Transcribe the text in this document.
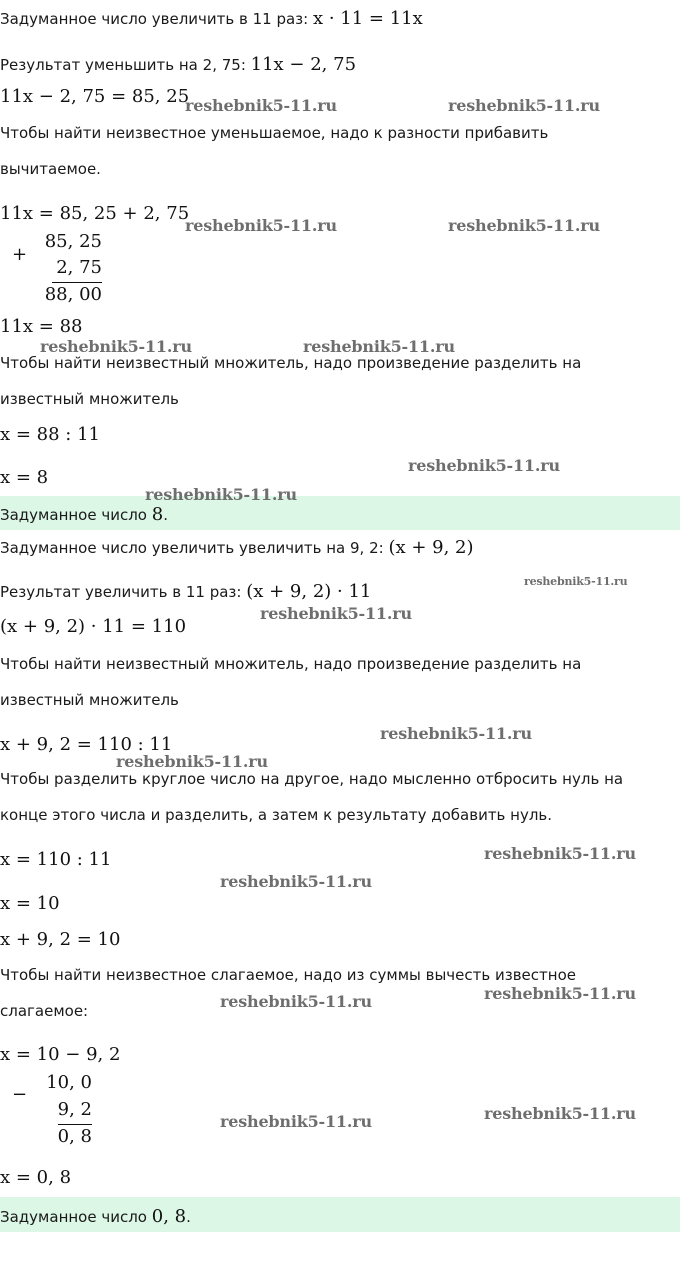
Задуманное число увеличить в 11 раз: x · 11 = 11x
Результат уменьшить на 2, 75: 11x − 2, 75
11x − 2, 75 = 85, 25
Чтобы найти неизвестное уменьшаемое, надо к разности прибавить
вычитаемое.
11x = 85, 25 + 2, 75
+
85, 25
2, 75
88, 00
11x = 88
Чтобы найти неизвестный множитель, надо произведение разделить на
известный множитель
x = 88 : 11
x = 8
Задуманное число 8.
Задуманное число увеличить увеличить на 9, 2: (x + 9, 2)
Результат увеличить в 11 раз: (x + 9, 2) · 11
(x + 9, 2) · 11 = 110
Чтобы найти неизвестный множитель, надо произведение разделить на
известный множитель
x + 9, 2 = 110 : 11
Чтобы разделить круглое число на другое, надо мысленно отбросить нуль на
конце этого числа и разделить, а затем к результату добавить нуль.
x = 110 : 11
x = 10
x + 9, 2 = 10
Чтобы найти неизвестное слагаемое, надо из суммы вычесть известное
слагаемое:
x = 10 − 9, 2
−
10, 0
9, 2
0, 8
x = 0, 8
Задуманное число 0, 8.
reshebnik5-11.ru	reshebnik5-11.ru
reshebnik5-11.ru	reshebnik5-11.ru
reshebnik5-11.ru	reshebnik5-11.ru
reshebnik5-11.ru
reshebnik5-11.ru
reshebnik5-11.ru
reshebnik5-11.ru
reshebnik5-11.ru
reshebnik5-11.ru
reshebnik5-11.ru
reshebnik5-11.ru
reshebnik5-11.ru
reshebnik5-11.ru
reshebnik5-11.ru
reshebnik5-11.ru
